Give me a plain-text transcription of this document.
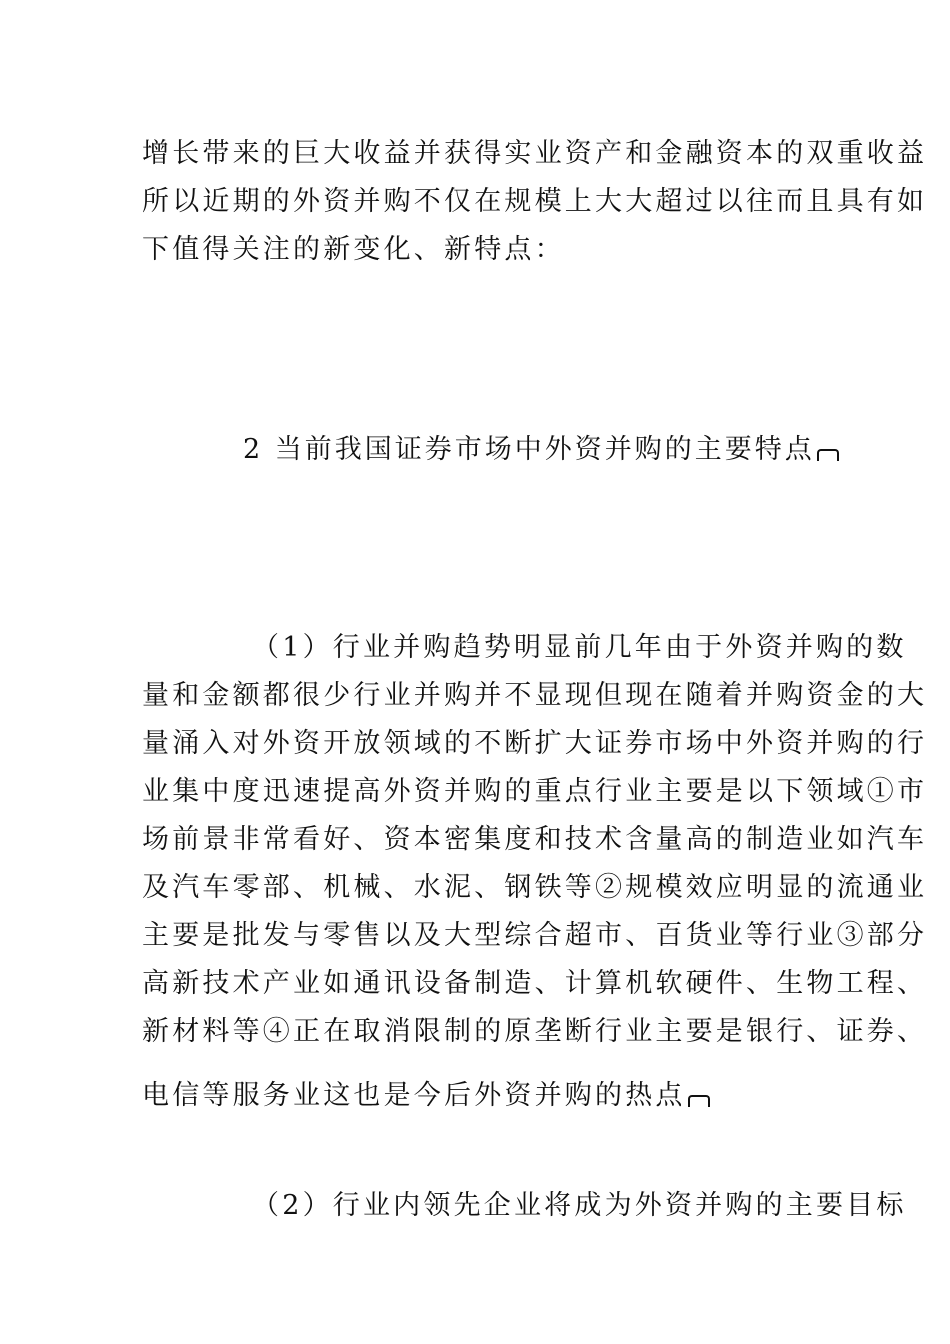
增长带来的巨大收益并获得实业资产和金融资本的双重收益
所以近期的外资并购不仅在规模上大大超过以往而且具有如
下值得关注的新变化、新特点：
2 当前我国证券市场中外资并购的主要特点
（1）行业并购趋势明显前几年由于外资并购的数
量和金额都很少行业并购并不显现但现在随着并购资金的大
量涌入对外资开放领域的不断扩大证券市场中外资并购的行
业集中度迅速提高外资并购的重点行业主要是以下领域①市
场前景非常看好、资本密集度和技术含量高的制造业如汽车
及汽车零部、机械、水泥、钢铁等②规模效应明显的流通业
主要是批发与零售以及大型综合超市、百货业等行业③部分
高新技术产业如通讯设备制造、计算机软硬件、生物工程、
新材料等④正在取消限制的原垄断行业主要是银行、证券、
电信等服务业这也是今后外资并购的热点
（2）行业内领先企业将成为外资并购的主要目标
